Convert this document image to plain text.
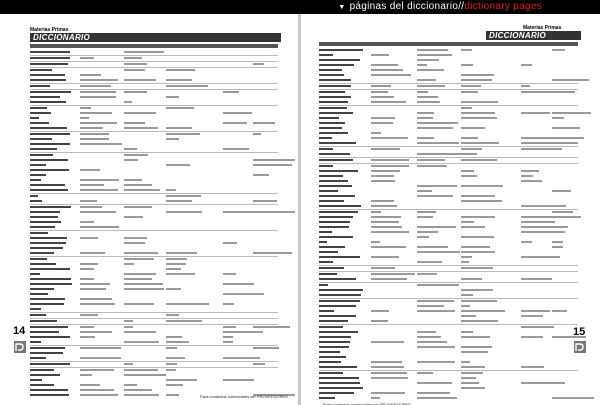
▼ páginas del diccionario//dictionary pages
Materias Primas
DICCIONARIO
14
Para contactos comerciales ver PROVEEDORES
Materias Primas
DICCIONARIO
15
Para contactos comerciales ver PROVEEDORES
